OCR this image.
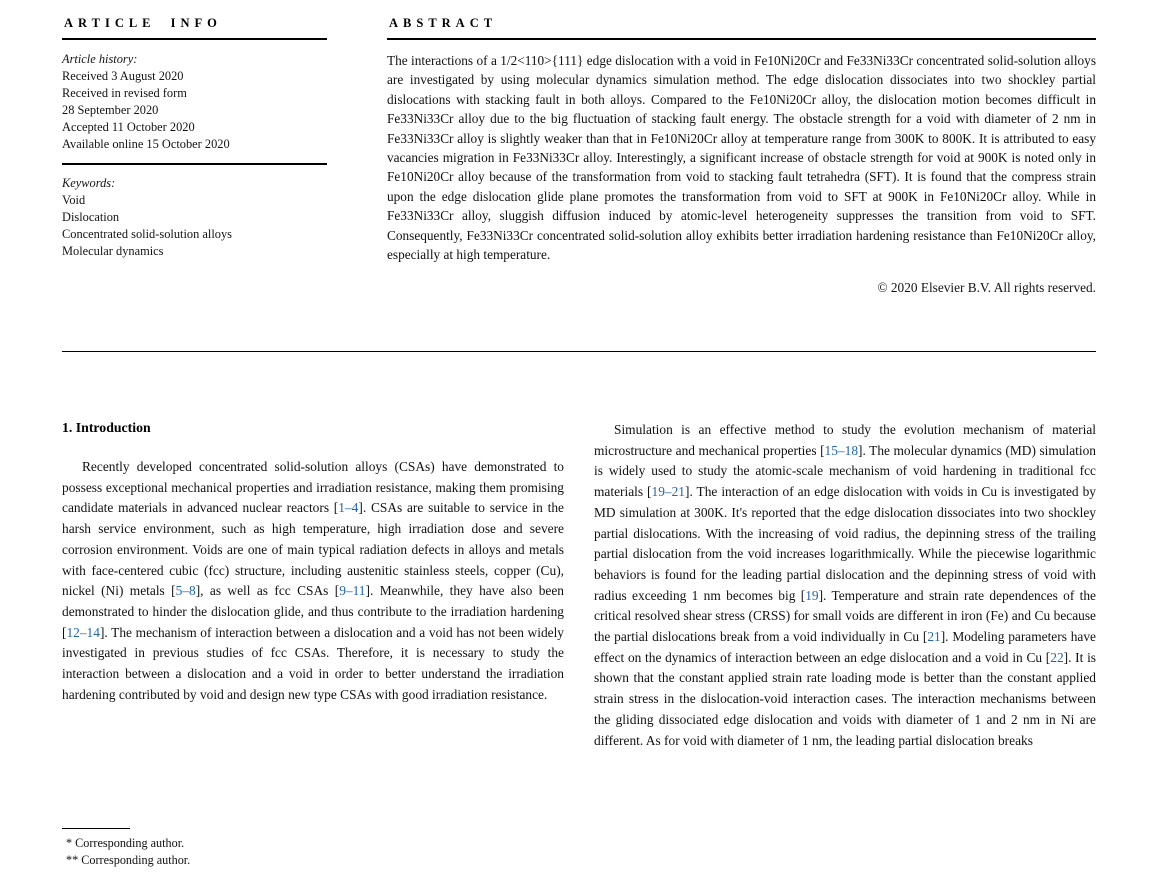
ARTICLE INFO
Article history:
Received 3 August 2020
Received in revised form
28 September 2020
Accepted 11 October 2020
Available online 15 October 2020
Keywords:
Void
Dislocation
Concentrated solid-solution alloys
Molecular dynamics
ABSTRACT

The interactions of a 1/2<110>{111} edge dislocation with a void in Fe10Ni20Cr and Fe33Ni33Cr concentrated solid-solution alloys are investigated by using molecular dynamics simulation method. The edge dislocation dissociates into two shockley partial dislocations with stacking fault in both alloys. Compared to the Fe10Ni20Cr alloy, the dislocation motion becomes difficult in Fe33Ni33Cr alloy due to the big fluctuation of stacking fault energy. The obstacle strength for a void with diameter of 2 nm in Fe33Ni33Cr alloy is slightly weaker than that in Fe10Ni20Cr alloy at temperature range from 300K to 800K. It is attributed to easy vacancies migration in Fe33Ni33Cr alloy. Interestingly, a significant increase of obstacle strength for void at 900K is noted only in Fe10Ni20Cr alloy because of the transformation from void to stacking fault tetrahedra (SFT). It is found that the compress strain upon the edge dislocation glide plane promotes the transformation from void to SFT at 900K in Fe10Ni20Cr alloy. While in Fe33Ni33Cr alloy, sluggish diffusion induced by atomic-level heterogeneity suppresses the transition from void to SFT. Consequently, Fe33Ni33Cr concentrated solid-solution alloy exhibits better irradiation hardening resistance than Fe10Ni20Cr alloy, especially at high temperature.

© 2020 Elsevier B.V. All rights reserved.
1. Introduction

Recently developed concentrated solid-solution alloys (CSAs) have demonstrated to possess exceptional mechanical properties and irradiation resistance, making them promising candidate materials in advanced nuclear reactors [1–4]. CSAs are suitable to service in the harsh service environment, such as high temperature, high irradiation dose and severe corrosion environment. Voids are one of main typical radiation defects in alloys and metals with face-centered cubic (fcc) structure, including austenitic stainless steels, copper (Cu), nickel (Ni) metals [5–8], as well as fcc CSAs [9–11]. Meanwhile, they have also been demonstrated to hinder the dislocation glide, and thus contribute to the irradiation hardening [12–14]. The mechanism of interaction between a dislocation and a void has not been widely investigated in previous studies of fcc CSAs. Therefore, it is necessary to study the interaction between a dislocation and a void in order to better understand the irradiation hardening contributed by void and design new type CSAs with good irradiation resistance.

Simulation is an effective method to study the evolution mechanism of material microstructure and mechanical properties [15–18]. The molecular dynamics (MD) simulation is widely used to study the atomic-scale mechanism of void hardening in traditional fcc materials [19–21]. The interaction of an edge dislocation with voids in Cu is investigated by MD simulation at 300K. It's reported that the edge dislocation dissociates into two shockley partial dislocations. With the increasing of void radius, the depinning stress of the trailing partial dislocation from the void increases logarithmically. While the piecewise logarithmic behaviors is found for the leading partial dislocation and the depinning stress of void with radius exceeding 1 nm becomes big [19]. Temperature and strain rate dependences of the critical resolved shear stress (CRSS) for small voids are different in iron (Fe) and Cu because the partial dislocations break from a void individually in Cu [21]. Modeling parameters have effect on the dynamics of interaction between an edge dislocation and a void in Cu [22]. It is shown that the constant applied strain rate loading mode is better than the constant applied strain stress in the dislocation-void interaction cases. The interaction mechanisms between the gliding dissociated edge dislocation and voids with diameter of 1 and 2 nm in Ni are different. As for void with diameter of 1 nm, the leading partial dislocation breaks

* Corresponding author.
** Corresponding author.
